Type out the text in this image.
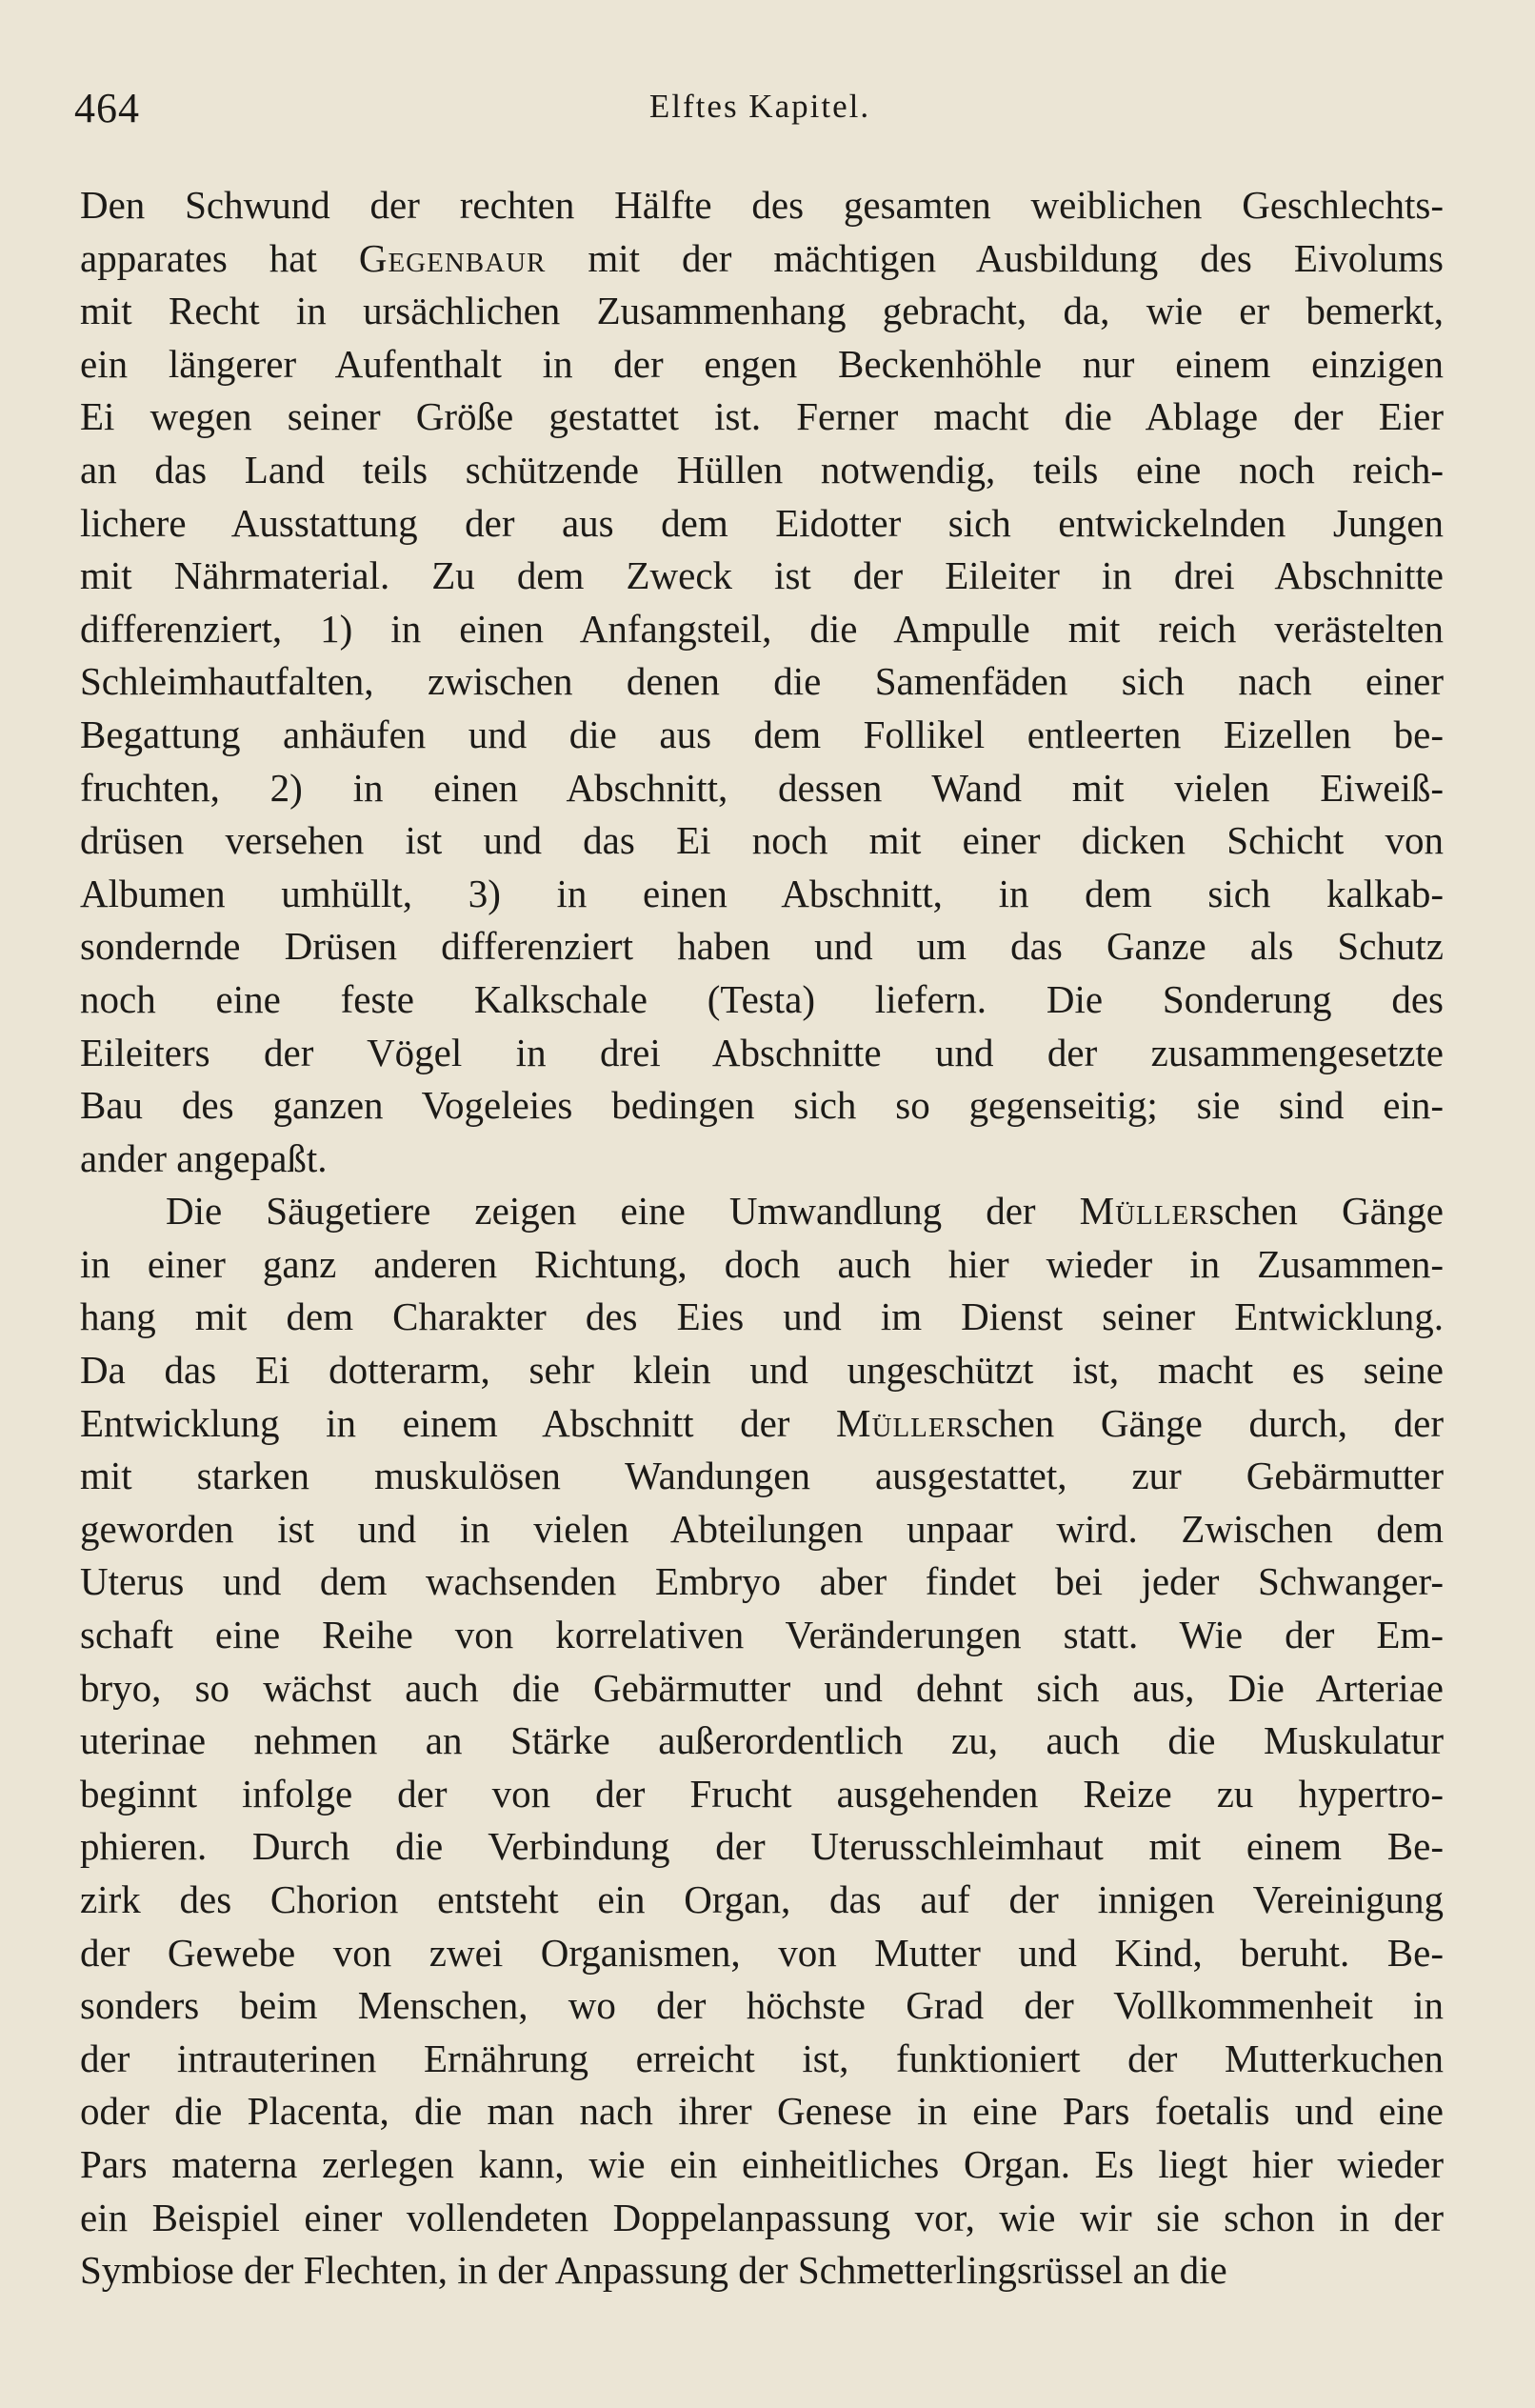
464	Elftes Kapitel.
Den Schwund der rechten Hälfte des gesamten weiblichen Geschlechts-
apparates hat Gegenbaur mit der mächtigen Ausbildung des Eivolums
mit Recht in ursächlichen Zusammenhang gebracht, da, wie er bemerkt,
ein längerer Aufenthalt in der engen Beckenhöhle nur einem einzigen
Ei wegen seiner Größe gestattet ist. Ferner macht die Ablage der Eier
an das Land teils schützende Hüllen notwendig, teils eine noch reich-
lichere Ausstattung der aus dem Eidotter sich entwickelnden Jungen
mit Nährmaterial. Zu dem Zweck ist der Eileiter in drei Abschnitte
differenziert, 1) in einen Anfangsteil, die Ampulle mit reich verästelten
Schleimhautfalten, zwischen denen die Samenfäden sich nach einer
Begattung anhäufen und die aus dem Follikel entleerten Eizellen be-
fruchten, 2) in einen Abschnitt, dessen Wand mit vielen Eiweiß-
drüsen versehen ist und das Ei noch mit einer dicken Schicht von
Albumen umhüllt, 3) in einen Abschnitt, in dem sich kalkab-
sondernde Drüsen differenziert haben und um das Ganze als Schutz
noch eine feste Kalkschale (Testa) liefern. Die Sonderung des
Eileiters der Vögel in drei Abschnitte und der zusammengesetzte
Bau des ganzen Vogeleies bedingen sich so gegenseitig; sie sind ein-
ander angepaßt.
Die Säugetiere zeigen eine Umwandlung der Müllerschen Gänge
in einer ganz anderen Richtung, doch auch hier wieder in Zusammen-
hang mit dem Charakter des Eies und im Dienst seiner Entwicklung.
Da das Ei dotterarm, sehr klein und ungeschützt ist, macht es seine
Entwicklung in einem Abschnitt der Müllerschen Gänge durch, der
mit starken muskulösen Wandungen ausgestattet, zur Gebärmutter
geworden ist und in vielen Abteilungen unpaar wird. Zwischen dem
Uterus und dem wachsenden Embryo aber findet bei jeder Schwanger-
schaft eine Reihe von korrelativen Veränderungen statt. Wie der Em-
bryo, so wächst auch die Gebärmutter und dehnt sich aus, Die Arteriae
uterinae nehmen an Stärke außerordentlich zu, auch die Muskulatur
beginnt infolge der von der Frucht ausgehenden Reize zu hypertro-
phieren. Durch die Verbindung der Uterusschleimhaut mit einem Be-
zirk des Chorion entsteht ein Organ, das auf der innigen Vereinigung
der Gewebe von zwei Organismen, von Mutter und Kind, beruht. Be-
sonders beim Menschen, wo der höchste Grad der Vollkommenheit in
der intrauterinen Ernährung erreicht ist, funktioniert der Mutterkuchen
oder die Placenta, die man nach ihrer Genese in eine Pars foetalis und eine
Pars materna zerlegen kann, wie ein einheitliches Organ. Es liegt hier wieder
ein Beispiel einer vollendeten Doppelanpassung vor, wie wir sie schon in der
Symbiose der Flechten, in der Anpassung der Schmetterlingsrüssel an die
